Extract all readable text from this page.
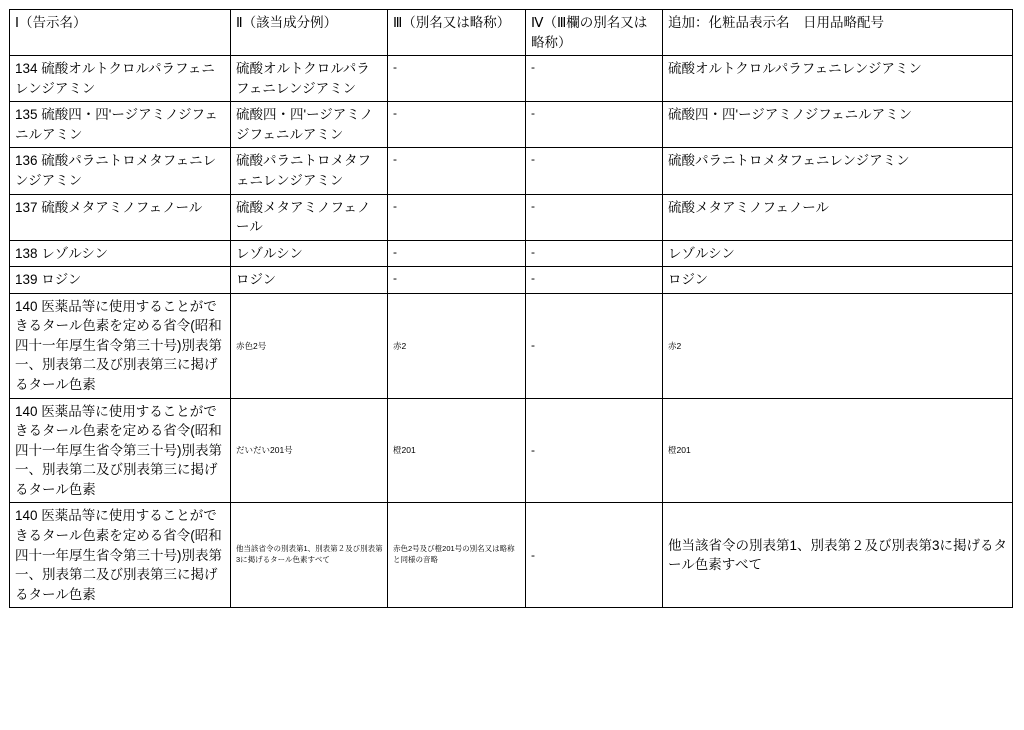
Ⅰ（告示名）	Ⅱ（該当成分例）	Ⅲ（別名又は略称）	Ⅳ（Ⅲ欄の別名又は略称）	追加：化粧品表示名　日用品略配号
134 硫酸オルトクロルパラフェニレンジアミン	硫酸オルトクロルパラフェニレンジアミン	-	-	硫酸オルトクロルパラフェニレンジアミン
135 硫酸四・四'ージアミノジフェニルアミン	硫酸四・四'ージアミノジフェニルアミン	-	-	硫酸四・四'ージアミノジフェニルアミン
136 硫酸パラニトロメタフェニレンジアミン	硫酸パラニトロメタフェニレンジアミン	-	-	硫酸パラニトロメタフェニレンジアミン
137 硫酸メタアミノフェノール	硫酸メタアミノフェノール	-	-	硫酸メタアミノフェノール
138 レゾルシン	レゾルシン	-	-	レゾルシン
139 ロジン	ロジン	-	-	ロジン
140 医薬品等に使用することができるタール色素を定める省令(昭和四十一年厚生省令第三十号)別表第一、別表第二及び別表第三に掲げるタール色素	赤色2号	赤2	-	赤2
140 医薬品等に使用することができるタール色素を定める省令(昭和四十一年厚生省令第三十号)別表第一、別表第二及び別表第三に掲げるタール色素	だいだい201号	橙201	-	橙201
140 医薬品等に使用することができるタール色素を定める省令(昭和四十一年厚生省令第三十号)別表第一、別表第二及び別表第三に掲げるタール色素	他当該省令の別表第1、別表第２及び別表第3に掲げるタール色素すべて	赤色2号及び橙201号の別名又は略称と同様の音略	-	他当該省令の別表第1、別表第２及び別表第3に掲げるタール色素すべて
